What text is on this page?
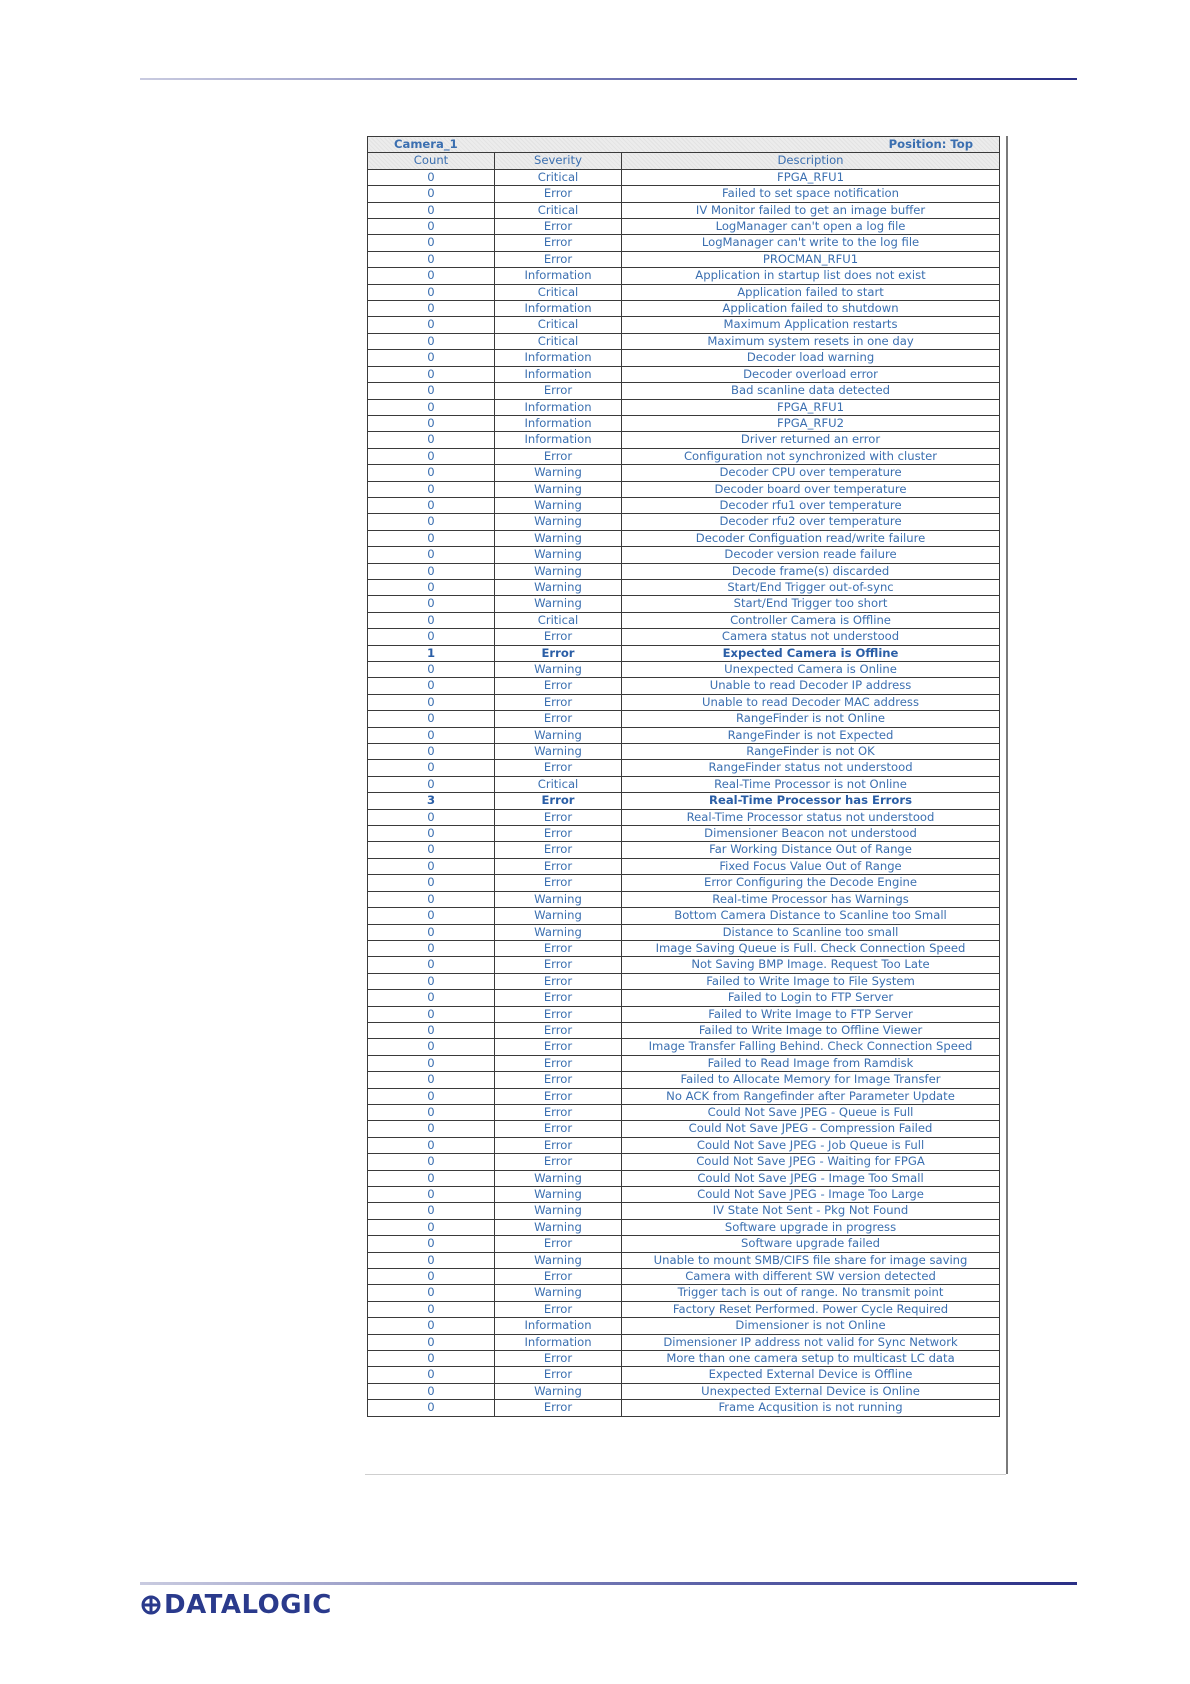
Camera_1 Position: Top		

Count	Severity	Description
0	Critical	FPGA_RFU1
0	Error	Failed to set space notification
0	Critical	IV Monitor failed to get an image buffer
0	Error	LogManager can't open a log file
0	Error	LogManager can't write to the log file
0	Error	PROCMAN_RFU1
0	Information	Application in startup list does not exist
0	Critical	Application failed to start
0	Information	Application failed to shutdown
0	Critical	Maximum Application restarts
0	Critical	Maximum system resets in one day
0	Information	Decoder load warning
0	Information	Decoder overload error
0	Error	Bad scanline data detected
0	Information	FPGA_RFU1
0	Information	FPGA_RFU2
0	Information	Driver returned an error
0	Error	Configuration not synchronized with cluster
0	Warning	Decoder CPU over temperature
0	Warning	Decoder board over temperature
0	Warning	Decoder rfu1 over temperature
0	Warning	Decoder rfu2 over temperature
0	Warning	Decoder Configuation read/write failure
0	Warning	Decoder version reade failure
0	Warning	Decode frame(s) discarded
0	Warning	Start/End Trigger out-of-sync
0	Warning	Start/End Trigger too short
0	Critical	Controller Camera is Offline
0	Error	Camera status not understood
1	Error	Expected Camera is Offline
0	Warning	Unexpected Camera is Online
0	Error	Unable to read Decoder IP address
0	Error	Unable to read Decoder MAC address
0	Error	RangeFinder is not Online
0	Warning	RangeFinder is not Expected
0	Warning	RangeFinder is not OK
0	Error	RangeFinder status not understood
0	Critical	Real-Time Processor is not Online
3	Error	Real-Time Processor has Errors
0	Error	Real-Time Processor status not understood
0	Error	Dimensioner Beacon not understood
0	Error	Far Working Distance Out of Range
0	Error	Fixed Focus Value Out of Range
0	Error	Error Configuring the Decode Engine
0	Warning	Real-time Processor has Warnings
0	Warning	Bottom Camera Distance to Scanline too Small
0	Warning	Distance to Scanline too small
0	Error	Image Saving Queue is Full. Check Connection Speed
0	Error	Not Saving BMP Image. Request Too Late
0	Error	Failed to Write Image to File System
0	Error	Failed to Login to FTP Server
0	Error	Failed to Write Image to FTP Server
0	Error	Failed to Write Image to Offline Viewer
0	Error	Image Transfer Falling Behind. Check Connection Speed
0	Error	Failed to Read Image from Ramdisk
0	Error	Failed to Allocate Memory for Image Transfer
0	Error	No ACK from Rangefinder after Parameter Update
0	Error	Could Not Save JPEG - Queue is Full
0	Error	Could Not Save JPEG - Compression Failed
0	Error	Could Not Save JPEG - Job Queue is Full
0	Error	Could Not Save JPEG - Waiting for FPGA
0	Warning	Could Not Save JPEG - Image Too Small
0	Warning	Could Not Save JPEG - Image Too Large
0	Warning	IV State Not Sent - Pkg Not Found
0	Warning	Software upgrade in progress
0	Error	Software upgrade failed
0	Warning	Unable to mount SMB/CIFS file share for image saving
0	Error	Camera with different SW version detected
0	Warning	Trigger tach is out of range. No transmit point
0	Error	Factory Reset Performed. Power Cycle Required
0	Information	Dimensioner is not Online
0	Information	Dimensioner IP address not valid for Sync Network
0	Error	More than one camera setup to multicast LC data
0	Error	Expected External Device is Offline
0	Warning	Unexpected External Device is Online
0	Error	Frame Acqusition is not running
DATALOGIC
